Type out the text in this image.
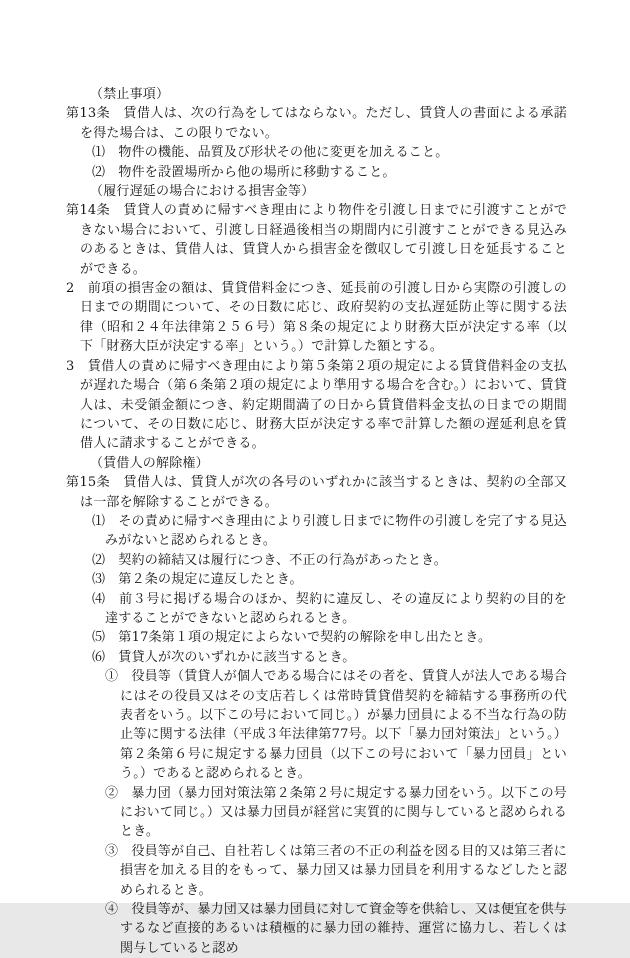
（禁止事項）
第13条　賃借人は、次の行為をしてはならない。ただし、賃貸人の書面による承諾を得た場合は、この限りでない。
⑴　物件の機能、品質及び形状その他に変更を加えること。
⑵　物件を設置場所から他の場所に移動すること。
（履行遅延の場合における損害金等）
第14条　賃貸人の責めに帰すべき理由により物件を引渡し日までに引渡すことができない場合において、引渡し日経過後相当の期間内に引渡すことができる見込みのあるときは、賃借人は、賃貸人から損害金を徴収して引渡し日を延長することができる。
2　前項の損害金の額は、賃貸借料金につき、延長前の引渡し日から実際の引渡しの日までの期間について、その日数に応じ、政府契約の支払遅延防止等に関する法律（昭和２４年法律第２５６号）第８条の規定により財務大臣が決定する率（以下「財務大臣が決定する率」という。）で計算した額とする。
3　賃借人の責めに帰すべき理由により第５条第２項の規定による賃貸借料金の支払が遅れた場合（第６条第２項の規定により準用する場合を含む。）において、賃貸人は、未受領金額につき、約定期間満了の日から賃貸借料金支払の日までの期間について、その日数に応じ、財務大臣が決定する率で計算した額の遅延利息を賃借人に請求することができる。
（賃借人の解除権）
第15条　賃借人は、賃貸人が次の各号のいずれかに該当するときは、契約の全部又は一部を解除することができる。
⑴　その責めに帰すべき理由により引渡し日までに物件の引渡しを完了する見込みがないと認められるとき。
⑵　契約の締結又は履行につき、不正の行為があったとき。
⑶　第２条の規定に違反したとき。
⑷　前３号に掲げる場合のほか、契約に違反し、その違反により契約の目的を達することができないと認められるとき。
⑸　第17条第１項の規定によらないで契約の解除を申し出たとき。
⑹　賃貸人が次のいずれかに該当するとき。
①　役員等（賃貸人が個人である場合にはその者を、賃貸人が法人である場合にはその役員又はその支店若しくは常時賃貸借契約を締結する事務所の代表者をいう。以下この号において同じ。）が暴力団員による不当な行為の防止等に関する法律（平成３年法律第77号。以下「暴力団対策法」という。）第２条第６号に規定する暴力団員（以下この号において「暴力団員」という。）であると認められるとき。
②　暴力団（暴力団対策法第２条第２号に規定する暴力団をいう。以下この号において同じ。）又は暴力団員が経営に実質的に関与していると認められるとき。
③　役員等が自己、自社若しくは第三者の不正の利益を図る目的又は第三者に損害を加える目的をもって、暴力団又は暴力団員を利用するなどしたと認められるとき。
④　役員等が、暴力団又は暴力団員に対して資金等を供給し、又は便宜を供与するなど直接的あるいは積極的に暴力団の維持、運営に協力し、若しくは関与していると認め
